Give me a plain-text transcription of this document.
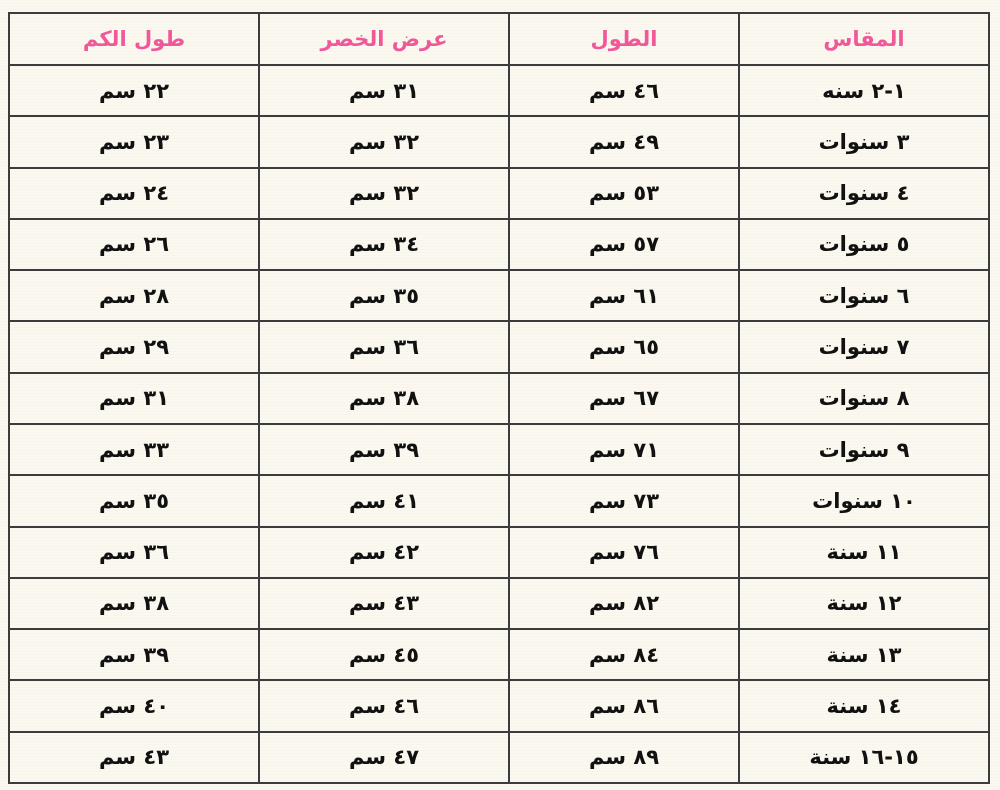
المقاس	الطول	عرض الخصر	طول الكم
١-٢ سنه	٤٦ سم	٣١ سم	٢٢ سم
٣ سنوات	٤٩ سم	٣٢ سم	٢٣ سم
٤ سنوات	٥٣ سم	٣٢ سم	٢٤ سم
٥ سنوات	٥٧ سم	٣٤ سم	٢٦ سم
٦ سنوات	٦١ سم	٣٥ سم	٢٨ سم
٧ سنوات	٦٥ سم	٣٦ سم	٢٩ سم
٨ سنوات	٦٧ سم	٣٨ سم	٣١ سم
٩ سنوات	٧١ سم	٣٩ سم	٣٣ سم
١٠ سنوات	٧٣ سم	٤١ سم	٣٥ سم
١١ سنة	٧٦ سم	٤٢ سم	٣٦ سم
١٢ سنة	٨٢ سم	٤٣ سم	٣٨ سم
١٣ سنة	٨٤ سم	٤٥ سم	٣٩ سم
١٤ سنة	٨٦ سم	٤٦ سم	٤٠ سم
١٥-١٦ سنة	٨٩ سم	٤٧ سم	٤٣ سم
